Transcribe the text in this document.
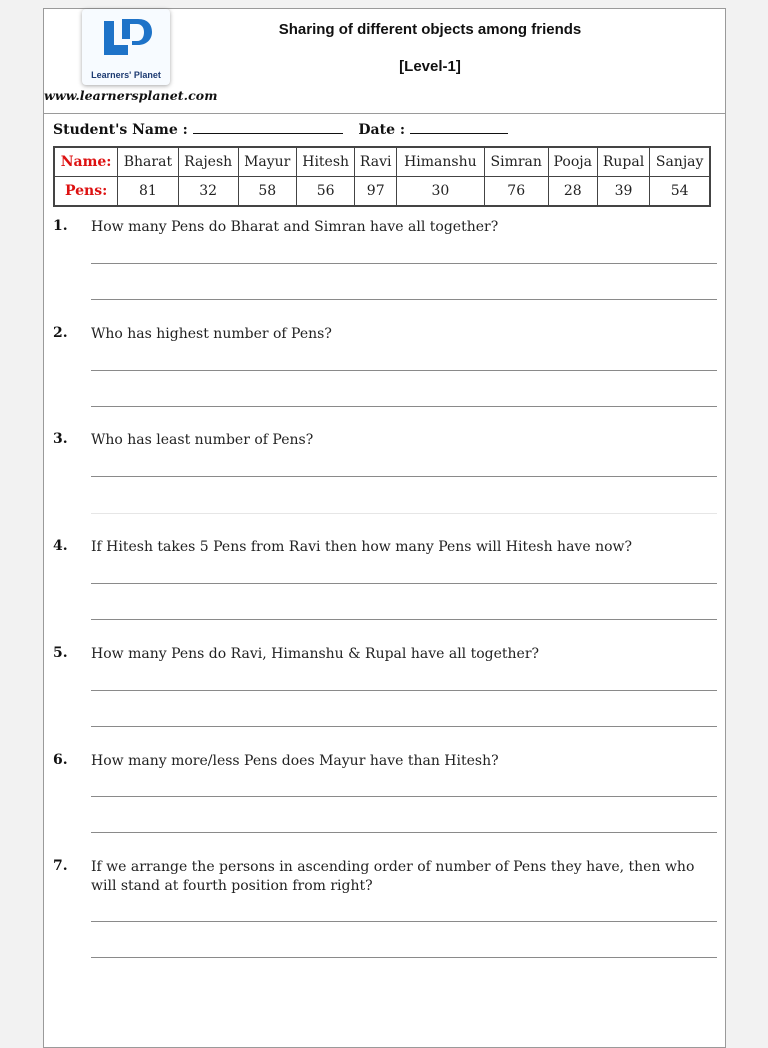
Learners' Planet
www.learnersplanet.com
Sharing of different objects among friends
[Level-1]
Student's Name :	Date :
Name:	Bharat	Rajesh	Mayur	Hitesh	Ravi	Himanshu	Simran	Pooja	Rupal	Sanjay
Pens:	81	32	58	56	97	30	76	28	39	54
1. How many Pens do Bharat and Simran have all together?
2. Who has highest number of Pens?
3. Who has least number of Pens?
4. If Hitesh takes 5 Pens from Ravi then how many Pens will Hitesh have now?
5. How many Pens do Ravi, Himanshu & Rupal have all together?
6. How many more/less Pens does Mayur have than Hitesh?
7. If we arrange the persons in ascending order of number of Pens they have, then who will stand at fourth position from right?
